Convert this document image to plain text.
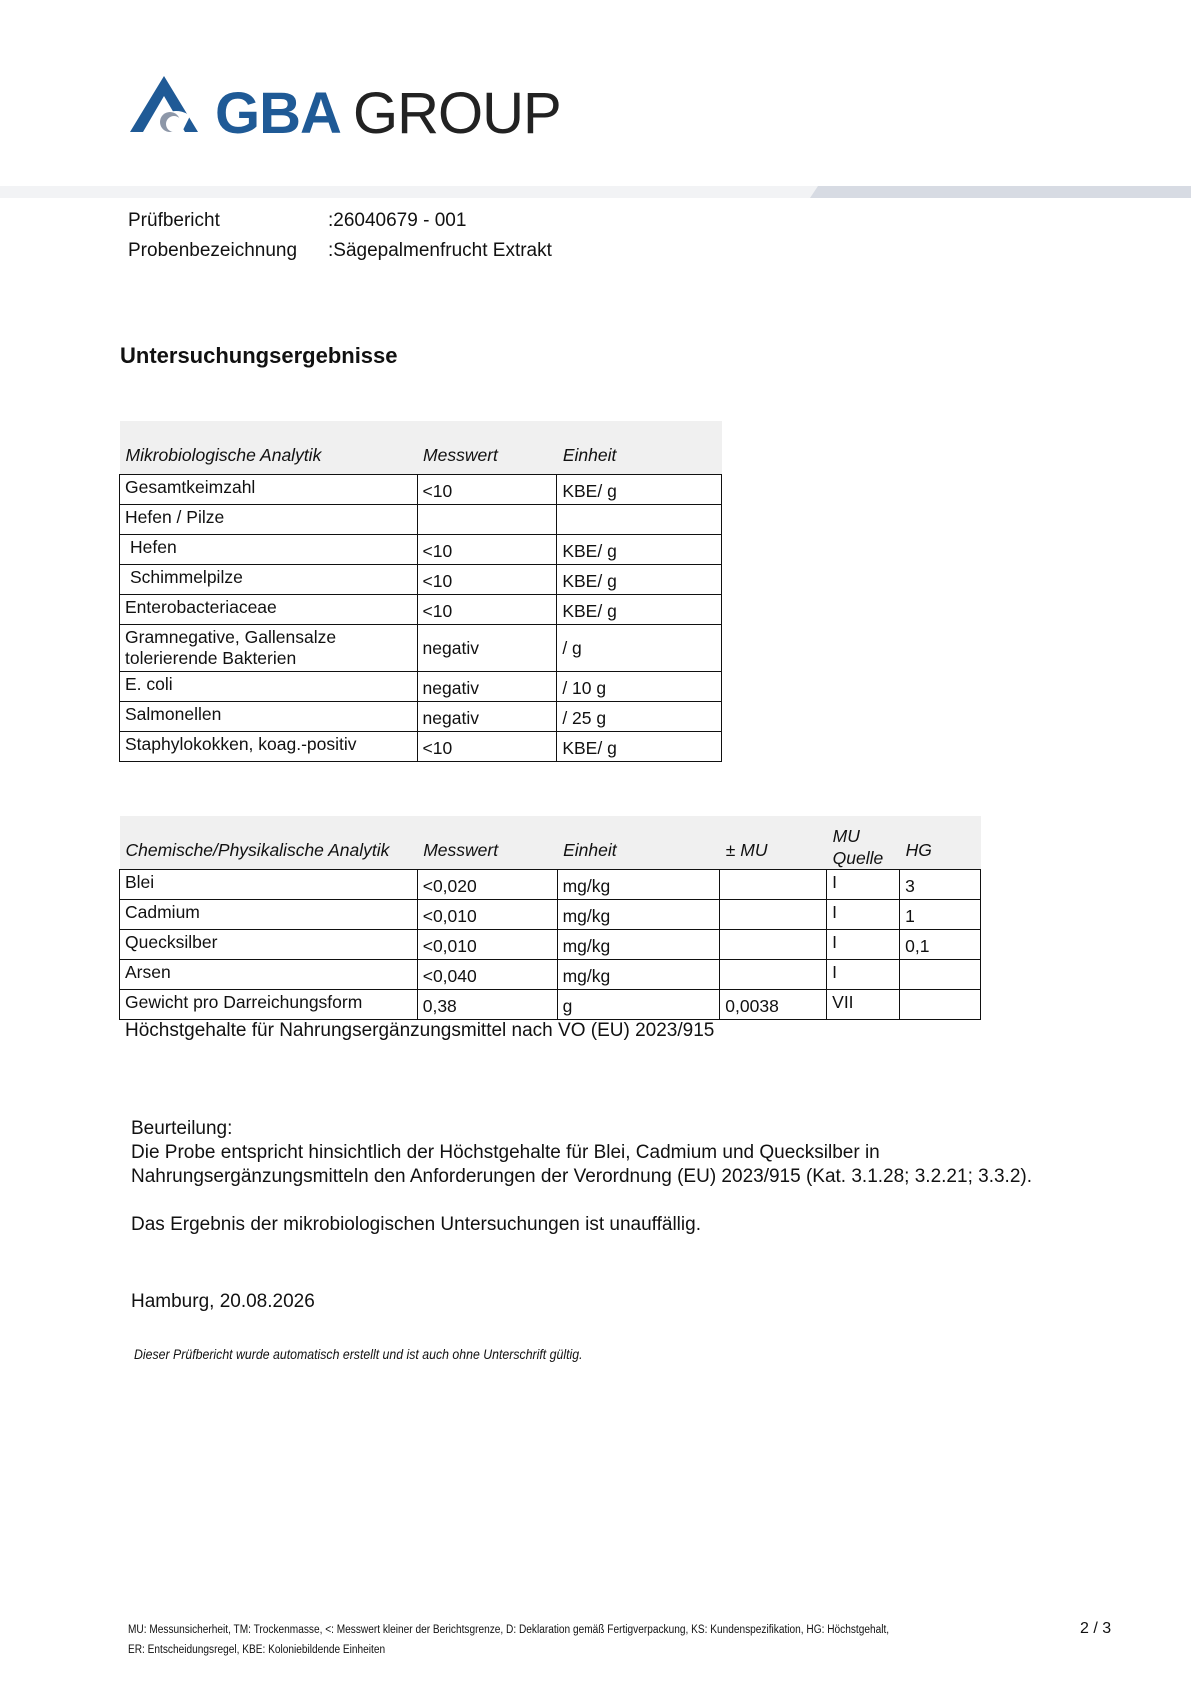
GBA GROUP
Prüfbericht	:26040679 - 001
Probenbezeichnung :Sägepalmenfrucht Extrakt
Untersuchungsergebnisse
Mikrobiologische Analytik	Messwert	Einheit
Gesamtkeimzahl	<10	KBE/ g
Hefen / Pilze		
Hefen	<10	KBE/ g
Schimmelpilze	<10	KBE/ g
Enterobacteriaceae	<10	KBE/ g

Gramnegative, Gallensalze
tolerierende Bakterien	negativ	/ g
E. coli	negativ	/ 10 g
Salmonellen	negativ	/ 25 g
Staphylokokken, koag.-positiv	<10	KBE/ g
Chemische/Physikalische Analytik	Messwert	Einheit	± MU	MU
Quelle	HG
Blei	<0,020	mg/kg		I	3
Cadmium	<0,010	mg/kg		I	1
Quecksilber	<0,010	mg/kg		I	0,1
Arsen	<0,040	mg/kg		I	
Gewicht pro Darreichungsform	0,38	g	0,0038	VII	
Höchstgehalte für Nahrungsergänzungsmittel nach VO (EU) 2023/915

Beurteilung:

Die Probe entspricht hinsichtlich der Höchstgehalte für Blei, Cadmium und Quecksilber in

Nahrungsergänzungsmitteln den Anforderungen der Verordnung (EU) 2023/915 (Kat. 3.1.28; 3.2.21; 3.3.2).

Das Ergebnis der mikrobiologischen Untersuchungen ist unauffällig.

Hamburg, 20.08.2026
Dieser Prüfbericht wurde automatisch erstellt und ist auch ohne Unterschrift gültig.
MU: Messunsicherheit, TM: Trockenmasse, <: Messwert kleiner der Berichtsgrenze, D: Deklaration gemäß Fertigverpackung, KS: Kundenspezifikation, HG: Höchstgehalt,
ER: Entscheidungsregel, KBE: Koloniebildende Einheiten
2 / 3
